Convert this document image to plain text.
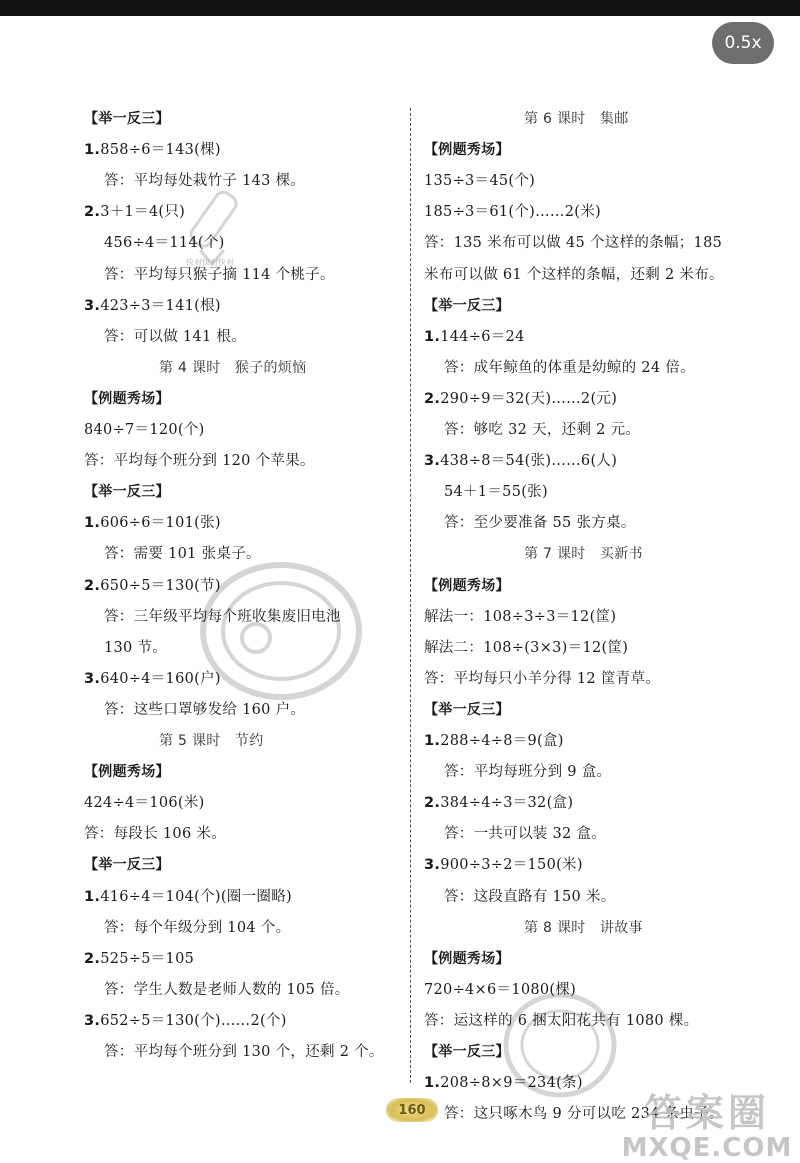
0.5x
快对快对快对
【举一反三】
1.858÷6＝143(棵)
答：平均每处栽竹子 143 棵。
2.3＋1＝4(只)
456÷4＝114(个)
答：平均每只猴子摘 114 个桃子。
3.423÷3＝141(根)
答：可以做 141 根。
第 4 课时　猴子的烦恼
【例题秀场】
840÷7＝120(个)
答：平均每个班分到 120 个苹果。
【举一反三】
1.606÷6＝101(张)
答：需要 101 张桌子。
2.650÷5＝130(节)
答：三年级平均每个班收集废旧电池
130 节。
3.640÷4＝160(户)
答：这些口罩够发给 160 户。
第 5 课时　节约
【例题秀场】
424÷4＝106(米)
答：每段长 106 米。
【举一反三】
1.416÷4＝104(个)(圈一圈略)
答：每个年级分到 104 个。
2.525÷5＝105
答：学生人数是老师人数的 105 倍。
3.652÷5＝130(个)……2(个)
答：平均每个班分到 130 个，还剩 2 个。
第 6 课时　集邮
【例题秀场】
135÷3＝45(个)
185÷3＝61(个)……2(米)
答：135 米布可以做 45 个这样的条幅；185
米布可以做 61 个这样的条幅，还剩 2 米布。
【举一反三】
1.144÷6＝24
答：成年鲸鱼的体重是幼鲸的 24 倍。
2.290÷9＝32(天)……2(元)
答：够吃 32 天，还剩 2 元。
3.438÷8＝54(张)……6(人)
54＋1＝55(张)
答：至少要准备 55 张方桌。
第 7 课时　买新书
【例题秀场】
解法一：108÷3÷3＝12(筐)
解法二：108÷(3×3)＝12(筐)
答：平均每只小羊分得 12 筐青草。
【举一反三】
1.288÷4÷8＝9(盒)
答：平均每班分到 9 盒。
2.384÷4÷3＝32(盒)
答：一共可以装 32 盒。
3.900÷3÷2＝150(米)
答：这段直路有 150 米。
第 8 课时　讲故事
【例题秀场】
720÷4×6＝1080(棵)
答：运这样的 6 捆太阳花共有 1080 棵。
【举一反三】
1.208÷8×9＝234(条)
答：这只啄木鸟 9 分可以吃 234 条虫子。
160	答案圈
MXQE.COM
